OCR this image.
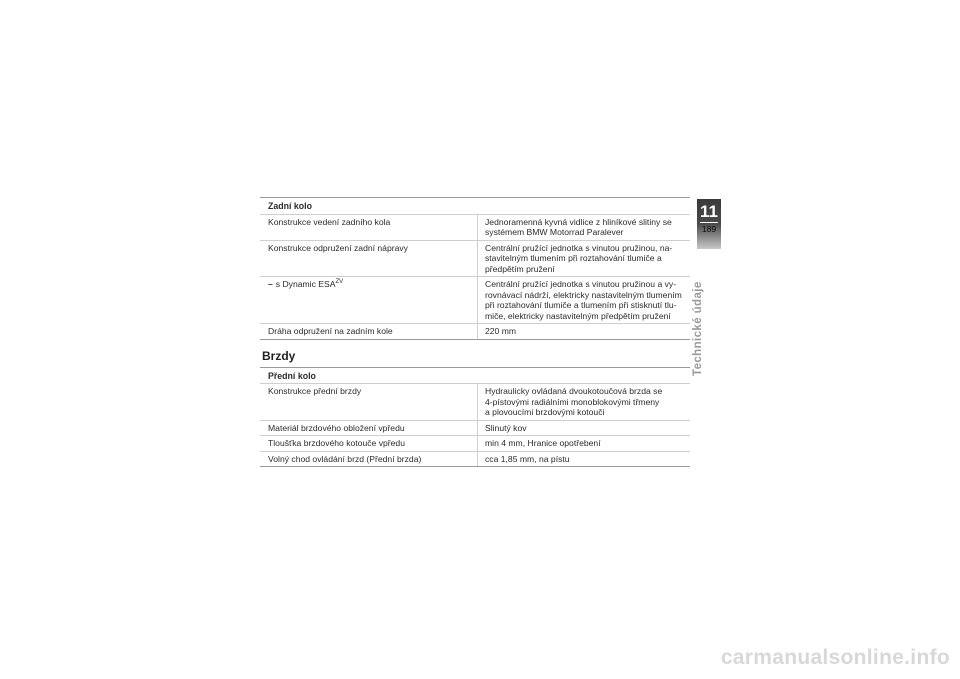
Zadní kolo	
Konstrukce vedení zadního kola	Jednoramenná kyvná vidlice z hliníkové slitiny se
systémem BMW Motorrad Paralever
Konstrukce odpružení zadní nápravy	Centrální pružící jednotka s vinutou pružinou, na-
stavitelným tlumením při roztahování tlumiče a
předpětím pružení
– s Dynamic $ESA^{ZV}$	Centrální pružící jednotka s vinutou pružinou a vy-
rovnávací nádrží, elektricky nastavitelným tlumením
při roztahování tlumiče a tlumením při stisknutí tlu-
miče, elektricky nastavitelným předpětím pružení
Dráha odpružení na zadním kole	220 mm
Brzdy
Přední kolo	
Konstrukce přední brzdy	Hydraulicky ovládaná dvoukotoučová brzda se
4-pístovými radiálními monoblokovými třmeny
a plovoucími brzdovými kotouči
Materiál brzdového obložení vpředu	Slinutý kov
Tloušťka brzdového kotouče vpředu	min 4 mm, Hranice opotřebení
Volný chod ovládání brzd (Přední brzda)	cca 1,85 mm, na pístu
11
189
Technické údaje
carmanualsonline.info
